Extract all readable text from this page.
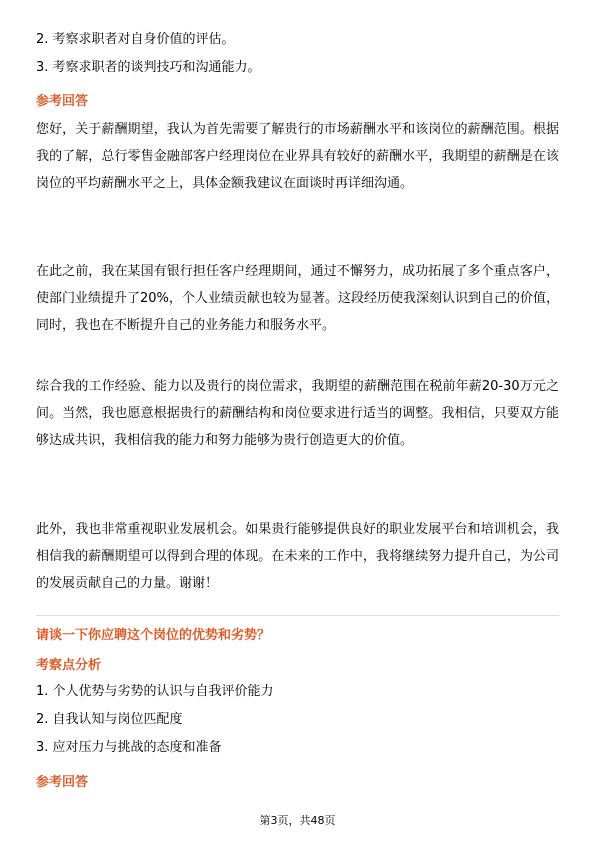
2. 考察求职者对自身价值的评估。
3. 考察求职者的谈判技巧和沟通能力。
参考回答
您好，关于薪酬期望，我认为首先需要了解贵行的市场薪酬水平和该岗位的薪酬范围。根据我的了解，总行零售金融部客户经理岗位在业界具有较好的薪酬水平，我期望的薪酬是在该岗位的平均薪酬水平之上，具体金额我建议在面谈时再详细沟通。
在此之前，我在某国有银行担任客户经理期间，通过不懈努力，成功拓展了多个重点客户，使部门业绩提升了20%，个人业绩贡献也较为显著。这段经历使我深刻认识到自己的价值，同时，我也在不断提升自己的业务能力和服务水平。
综合我的工作经验、能力以及贵行的岗位需求，我期望的薪酬范围在税前年薪20-30万元之间。当然，我也愿意根据贵行的薪酬结构和岗位要求进行适当的调整。我相信，只要双方能够达成共识，我相信我的能力和努力能够为贵行创造更大的价值。
此外，我也非常重视职业发展机会。如果贵行能够提供良好的职业发展平台和培训机会，我相信我的薪酬期望可以得到合理的体现。在未来的工作中，我将继续努力提升自己，为公司的发展贡献自己的力量。谢谢！
请谈一下你应聘这个岗位的优势和劣势？
考察点分析
1. 个人优势与劣势的认识与自我评价能力
2. 自我认知与岗位匹配度
3. 应对压力与挑战的态度和准备
参考回答
第3页，共48页
